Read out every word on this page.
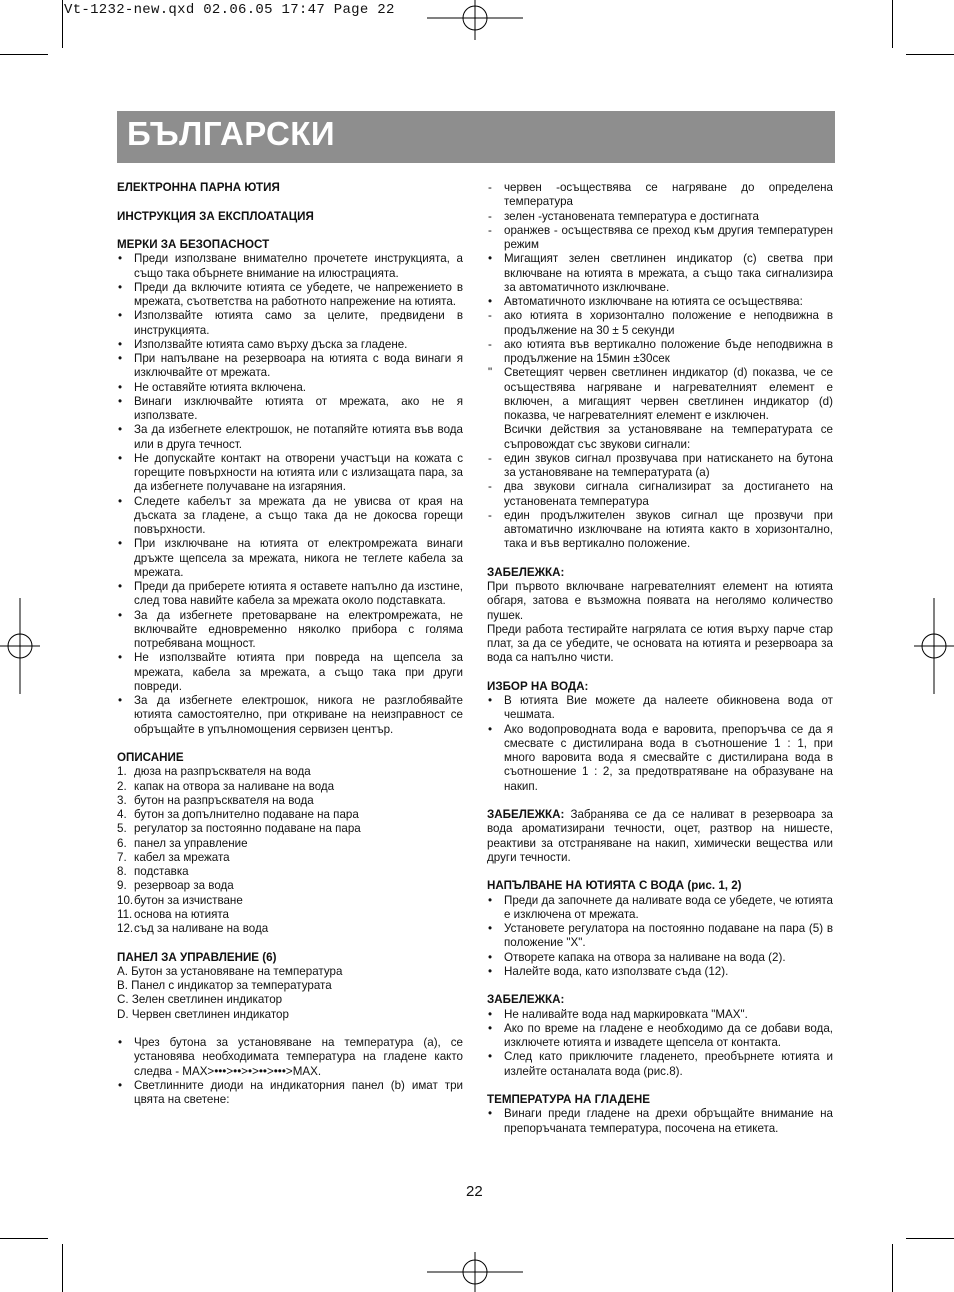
Vt-1232-new.qxd 02.06.05 17:47 Page 22
БЪЛГАРСКИ
ЕЛЕКТРОННА ПАРНА ЮТИЯ
ИНСТРУКЦИЯ ЗА ЕКСПЛОАТАЦИЯ
МЕРКИ ЗА БЕЗОПАСНОСТ
• Преди използване внимателно прочетете инструкцията, а също така обърнете внимание на илюстрацията.
• Преди да включите ютията се убедете, че напрежението в мрежата, съответства на работното напрежение на ютията.
• Използвайте ютията само за целите, предвидени в инструкцията.
• Използвайте ютията само върху дъска за гладене.
• При напълване на резервоара на ютията с вода винаги я изключвайте от мрежата.
• Не оставяйте ютията включена.
• Винаги изключвайте ютията от мрежата, ако не я използвате.
• За да избегнете електрошок, не потапяйте ютията във вода или в друга течност.
• Не допускайте контакт на отворени участъци на кожата с горещите повърхности на ютията или с излизащата пара, за да избегнете получаване на изгаряния.
• Следете кабелът за мрежата да не увисва от края на дъската за гладене, а също така да не докосва горещи повърхности.
• При изключване на ютията от електромрежата винаги дръжте щепсела за мрежата, никога не теглете кабела за мрежата.
• Преди да приберете ютията я оставете напълно да изстине, след това навийте кабела за мрежата около подставката.
• За да избегнете претоварване на електромрежата, не включвайте едновременно няколко прибора с голяма потребявана мощност.
• Не използвайте ютията при повреда на щепсела за мрежата, кабела за мрежата, а също така при други повреди.
• За да избегнете електрошок, никога не разглобявайте ютията самостоятелно, при откриване на неизправност се обръщайте в упълномощения сервизен център.
ОПИСАНИЕ
1. дюза на разпръсквателя на вода
2. капак на отвора за наливане на вода
3. бутон на разпръсквателя на вода
4. бутон за допълнително подаване на пара
5. регулатор за постоянно подаване на пара
6. панел за управление
7. кабел за мрежата
8. подставка
9. резервоар за вода
10. бутон за изчистване
11. основа на ютията
12. съд за наливане на вода
ПАНЕЛ ЗА УПРАВЛЕНИЕ (6)
A. Бутон за установяване на температура
B. Панел с индикатор за температурата
C. Зелен светлинен индикатор
D. Червен светлинен индикатор
• Чрез бутона за установяване на температура (a), се установява необходимата температура на гладене както следва - MAX>•••>••>•>••>•••>MAX.
• Светлинните диоди на индикаторния панел (b) имат три цвята на светене:
- червен -осъществява се нагряване до определена температура
- зелен -установената температура е достигната
- оранжев - осъществява се преход към другия температурен режим
• Мигащият зелен светлинен индикатор (c) светва при включване на ютията в мрежата, а също така сигнализира за автоматичното изключване.
• Автоматичното изключване на ютията се осъществява:
- ако ютията в хоризонтално положение е неподвижна в продължение на 30 ± 5 секунди
- ако ютията във вертикално положение бъде неподвижна в продължение на 15мин ±30сек
" Светещият червен светлинен индикатор (d) показва, че се осъществява нагряване и нагревателният елемент е включен, а мигащият червен светлинен индикатор (d) показва, че нагревателният елемент е изключен.
Всички действия за установяване на температурата се съпровождат със звукови сигнали:
- един звуков сигнал прозвучава при натискането на бутона за установяване на температурата (a)
- два звукови сигнала сигнализират за достигането на установената температура
- един продължителен звуков сигнал ще прозвучи при автоматично изключване на ютията както в хоризонтално, така и във вертикално положение.
ЗАБЕЛЕЖКА:
При първото включване нагревателният елемент на ютията обгаря, затова е възможна появата на неголямо количество пушек.
Преди работа тестирайте нагрялата се ютия върху парче стар плат, за да се убедите, че основата на ютията и резервоара за вода са напълно чисти.
ИЗБОР НА ВОДА:
• В ютията Вие можете да налеете обикновена вода от чешмата.
• Ако водопроводната вода е варовита, препоръчва се да я смесвате с дистилирана вода в съотношение 1 : 1, при много варовита вода я смесвайте с дистилирана вода в съотношение 1 : 2, за предотвратяване на образуване на накип.
ЗАБЕЛЕЖКА: Забранява се да се наливат в резервоара за вода ароматизирани течности, оцет, разтвор на нишесте, реактиви за отстраняване на накип, химически вещества или други течности.
НАПЪЛВАНЕ НА ЮТИЯТА С ВОДА (рис. 1, 2)
• Преди да започнете да наливате вода се убедете, че ютията е изключена от мрежата.
• Установете регулатора на постоянно подаване на пара (5) в положение "X".
• Отворете капака на отвора за наливане на вода (2).
• Налейте вода, като използвате съда (12).
ЗАБЕЛЕЖКА:
• Не наливайте вода над маркировката "MAX".
• Ако по време на гладене е необходимо да се добави вода, изключете ютията и извадете щепсела от контакта.
• След като приключите гладенето, преобърнете ютията и излейте останалата вода (рис.8).
ТЕМПЕРАТУРА НА ГЛАДЕНЕ
• Винаги преди гладене на дрехи обръщайте внимание на препоръчаната температура, посочена на етикета.
22
